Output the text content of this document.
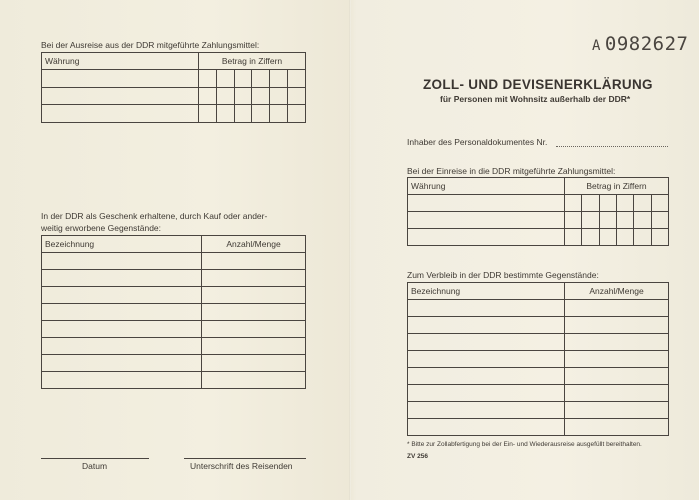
Bei der Ausreise aus der DDR mitgeführte Zahlungsmittel:
Währung	Betrag in Ziffern					

In der DDR als Geschenk erhaltene, durch Kauf oder ander-
weitig erworbene Gegenstände:
Bezeichnung	Anzahl/Menge

Datum	Unterschrift des Reisenden
A 0982627
ZOLL- UND DEVISENERKLÄRUNG
für Personen mit Wohnsitz außerhalb der DDR*
Inhaber des Personaldokumentes Nr.
Bei der Einreise in die DDR mitgeführte Zahlungsmittel:
Währung	Betrag in Ziffern					

Zum Verbleib in der DDR bestimmte Gegenstände:
Bezeichnung	Anzahl/Menge

* Bitte zur Zollabfertigung bei der Ein- und Wiederausreise ausgefüllt bereithalten.
ZV 256
